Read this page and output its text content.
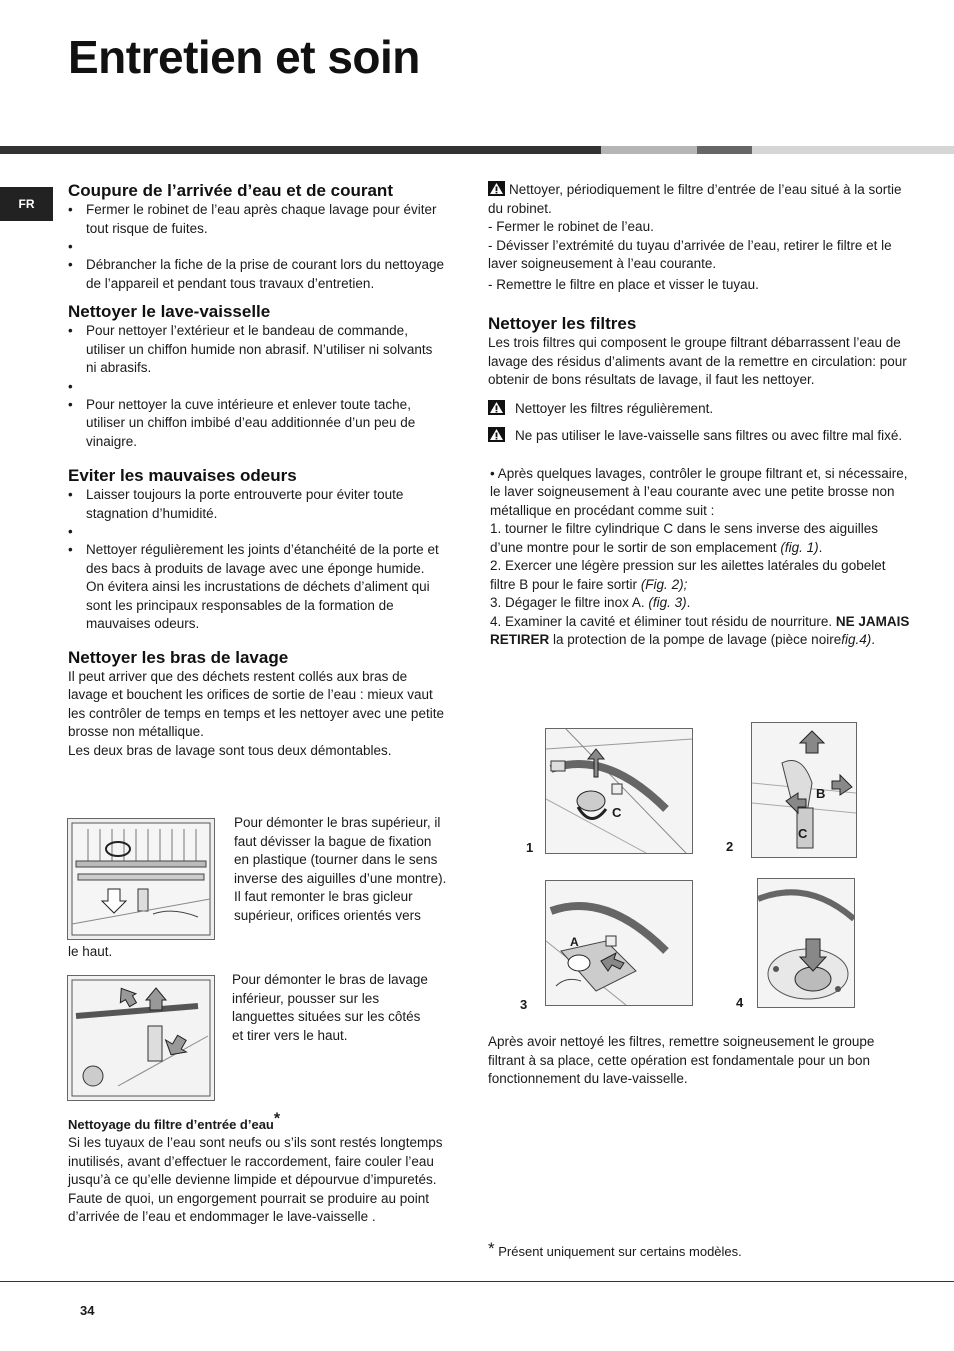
Entretien et soin
FR
Coupure de l’arrivée d’eau et de courant
• Fermer le robinet de l’eau après chaque lavage pour éviter tout risque de fuites.
•
• Débrancher la fiche de la prise de courant lors du nettoyage de l’appareil et pendant tous travaux d’entretien.
Nettoyer le lave-vaisselle
• Pour nettoyer l’extérieur et le bandeau de commande, utiliser un chiffon humide non abrasif. N’utiliser ni solvants ni abrasifs.
•
• Pour nettoyer la cuve intérieure et enlever toute tache, utiliser un chiffon imbibé d’eau additionnée d’un peu de vinaigre.
Eviter les mauvaises odeurs
• Laisser toujours la porte entrouverte pour éviter toute stagnation d’humidité.
•
• Nettoyer régulièrement les joints d’étanchéité de la porte et des bacs à produits de lavage avec une éponge humide. On évitera ainsi les incrustations de déchets d’aliment qui sont les principaux responsables de la formation de mauvaises odeurs.
Nettoyer les bras de lavage

Il peut arriver que des déchets restent collés aux bras de lavage et bouchent les orifices de sortie de l’eau : mieux vaut les contrôler de temps en temps et les nettoyer avec une petite brosse non métallique.

Les deux bras de lavage sont tous deux démontables.

Pour démonter le bras supérieur, il faut dévisser la bague de fixation en plastique (tourner dans le sens inverse des aiguilles d’une montre). Il faut remonter le bras gicleur supérieur, orifices orientés vers

le haut.

Pour démonter le bras de lavage inférieur, pousser sur les languettes situées sur les côtés et tirer vers le haut.

Nettoyage du filtre d’entrée d’eau*

Si les tuyaux de l’eau sont neufs ou s’ils sont restés longtemps inutilisés, avant d’effectuer le raccordement, faire couler l’eau jusqu’à ce qu’elle devienne limpide et dépourvue d’impuretés. Faute de quoi, un engorgement pourrait se produire au point d’arrivée de l’eau et endommager le lave-vaisselle .

Nettoyer, périodiquement le filtre d’entrée de l’eau situé à la sortie du robinet.

- Fermer le robinet de l’eau.

- Dévisser l’extrémité du tuyau d’arrivée de l’eau, retirer le filtre et le laver soigneusement à l’eau courante.

- Remettre le filtre en place et visser le tuyau.

Nettoyer les filtres

Les trois filtres qui composent le groupe filtrant débarrassent l’eau de lavage des résidus d’aliments avant de la remettre en circulation: pour obtenir de bons résultats de lavage, il faut les nettoyer.

Nettoyer les filtres régulièrement.

Ne pas utiliser le lave-vaisselle sans filtres ou avec filtre mal fixé.

• Après quelques lavages, contrôler le groupe filtrant et, si nécessaire, le laver soigneusement à l’eau courante avec une petite brosse non métallique en procédant comme suit :

1. tourner le filtre cylindrique C dans le sens inverse des aiguilles d’une montre pour le sortir de son emplacement (fig. 1).

2. Exercer une légère pression sur les ailettes latérales du gobelet filtre B pour le faire sortir (Fig. 2);

3. Dégager le filtre inox A. (fig. 3).

4. Examiner la cavité et éliminer tout résidu de nourriture. NE JAMAIS RETIRER la protection de la pompe de lavage (pièce noirefig.4).

C
1
B
C
2
A
3	4

Après avoir nettoyé les filtres, remettre soigneusement le groupe filtrant à sa place, cette opération est fondamentale pour un bon fonctionnement du lave-vaisselle.

* Présent uniquement sur certains modèles.

34
